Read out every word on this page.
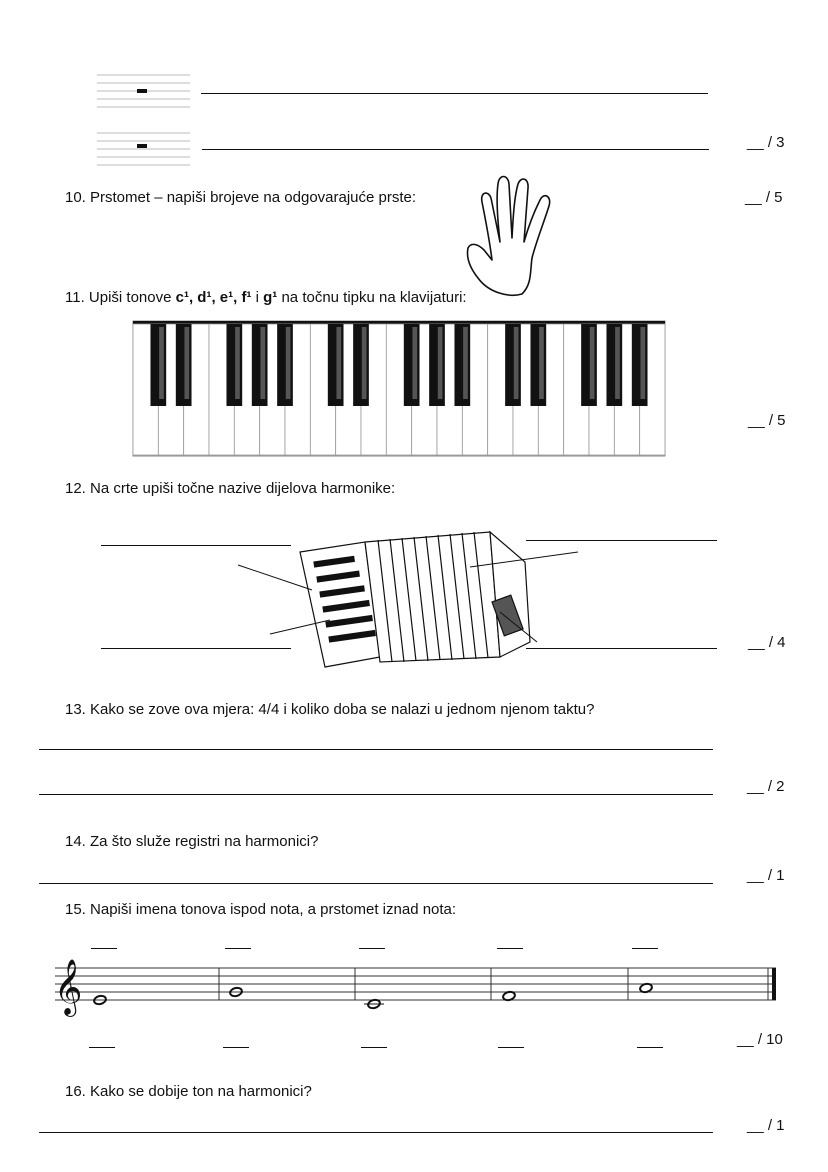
__ / 3
10. Prstomet – napiši brojeve na odgovarajuće prste:	__ / 5
11. Upiši tonove c¹, d¹, e¹, f¹ i g¹ na točnu tipku na klavijaturi:
__ / 5
12. Na crte upiši točne nazive dijelova harmonike:
__ / 4
13. Kako se zove ova mjera: 4/4 i koliko doba se nalazi u jednom njenom taktu?
__ / 2
14. Za što služe registri na harmonici?
__ / 1
15. Napiši imena tonova ispod nota, a prstomet iznad nota:
𝄞
__ / 10
16. Kako se dobije ton na harmonici?
__ / 1
